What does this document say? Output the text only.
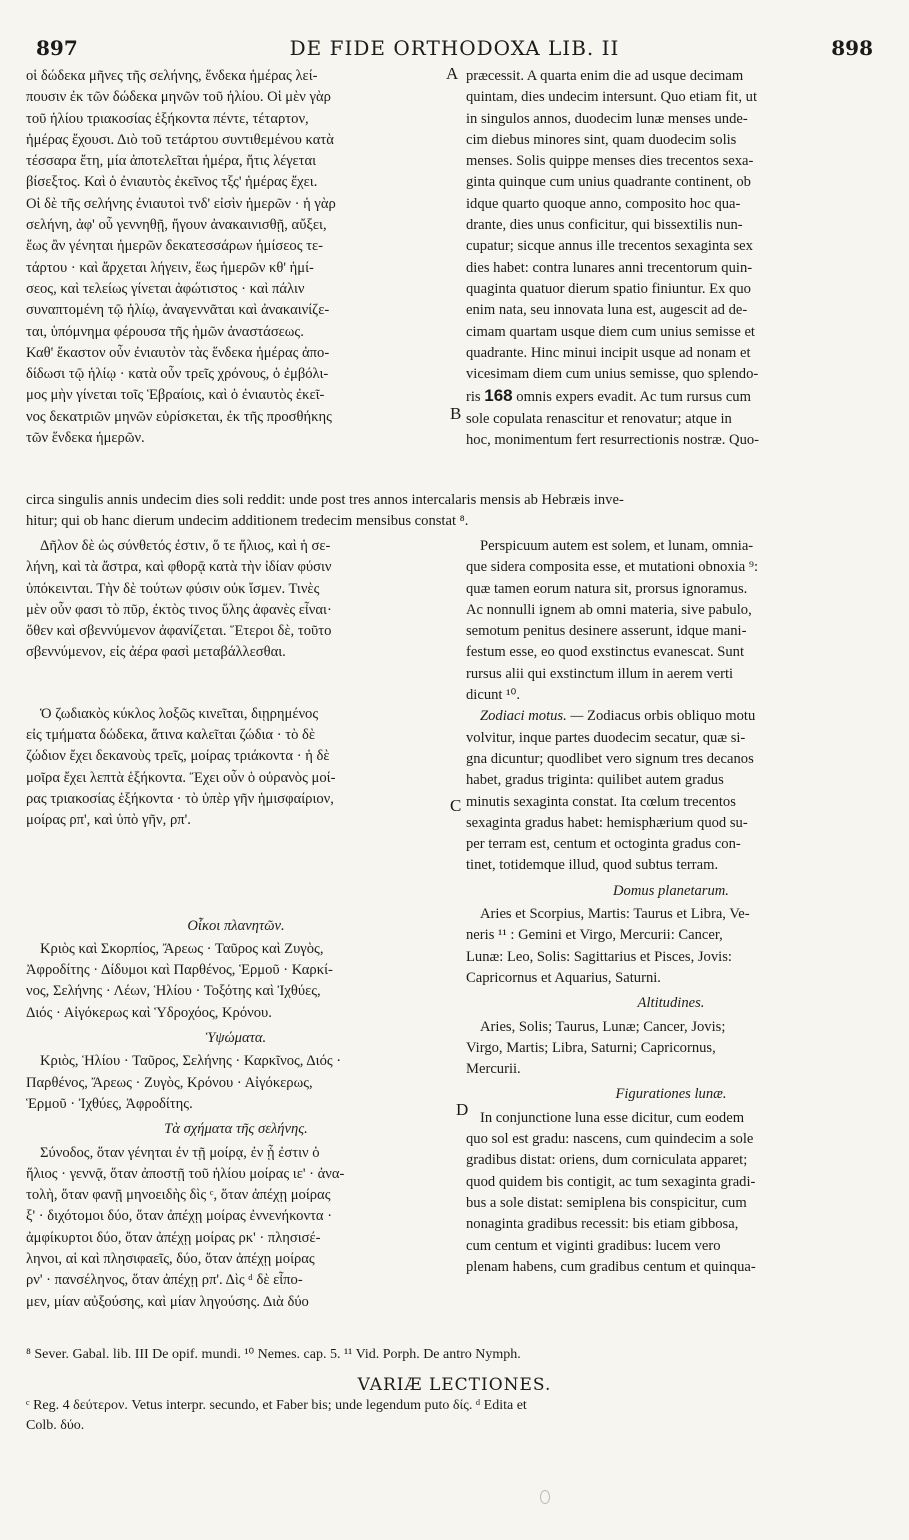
897	DE FIDE ORTHODOXA LIB. II	898
A
B
C
D

οἱ δώδεκα μῆνες τῆς σελήνης, ἕνδεκα ἡμέρας λεί-
πουσιν ἐκ τῶν δώδεκα μηνῶν τοῦ ἡλίου. Οἱ μὲν γὰρ
τοῦ ἡλίου τριακοσίας ἑξήκοντα πέντε, τέταρτον,
ἡμέρας ἔχουσι. Διὸ τοῦ τετάρτου συντιθεμένου κατὰ
τέσσαρα ἔτη, μία ἀποτελεῖται ἡμέρα, ἥτις λέγεται
βίσεξτος. Καὶ ὁ ἐνιαυτὸς ἐκεῖνος τξς' ἡμέρας ἔχει.
Οἱ δὲ τῆς σελήνης ἐνιαυτοὶ τνδ' εἰσὶν ἡμερῶν · ἡ γὰρ
σελήνη, ἀφ' οὗ γεννηθῇ, ἤγουν ἀνακαινισθῇ, αὔξει,
ἕως ἂν γένηται ἡμερῶν δεκατεσσάρων ἡμίσεος τε-
τάρτου · καὶ ἄρχεται λήγειν, ἕως ἡμερῶν κθ' ἡμί-
σεος, καὶ τελείως γίνεται ἀφώτιστος · καὶ πάλιν
συναπτομένη τῷ ἡλίῳ, ἀναγεννᾶται καὶ ἀνακαινίζε-
ται, ὑπόμνημα φέρουσα τῆς ἡμῶν ἀναστάσεως.
Καθ' ἕκαστον οὖν ἐνιαυτὸν τὰς ἕνδεκα ἡμέρας ἀπο-
δίδωσι τῷ ἡλίῳ · κατὰ οὖν τρεῖς χρόνους, ὁ ἐμβόλι-
μος μὴν γίνεται τοῖς Ἑβραίοις, καὶ ὁ ἐνιαυτὸς ἐκεῖ-
νος δεκατριῶν μηνῶν εὑρίσκεται, ἐκ τῆς προσθήκης
τῶν ἕνδεκα ἡμερῶν.

præcessit. A quarta enim die ad usque decimam
quintam, dies undecim intersunt. Quo etiam fit, ut
in singulos annos, duodecim lunæ menses unde-
cim diebus minores sint, quam duodecim solis
menses. Solis quippe menses dies trecentos sexa-
ginta quinque cum unius quadrante continent, ob
idque quarto quoque anno, composito hoc qua-
drante, dies unus conficitur, qui bissextilis nun-
cupatur; sicque annus ille trecentos sexaginta sex
dies habet: contra lunares anni trecentorum quin-
quaginta quatuor dierum spatio finiuntur. Ex quo
enim nata, seu innovata luna est, augescit ad de-
cimam quartam usque diem cum unius semisse et
quadrante. Hinc minui incipit usque ad nonam et
vicesimam diem cum unius semisse, quo splendo-
ris 168 omnis expers evadit. Ac tum rursus cum
sole copulata renascitur et renovatur; atque in
hoc, monimentum fert resurrectionis nostræ. Quo-

circa singulis annis undecim dies soli reddit: unde post tres annos intercalaris mensis ab Hebræis inve-
hitur; qui ob hanc dierum undecim additionem tredecim mensibus constat ⁸.

Δῆλον δὲ ὡς σύνθετός ἐστιν, ὅ τε ἥλιος, καὶ ἡ σε-
λήνη, καὶ τὰ ἄστρα, καὶ φθορᾷ κατὰ τὴν ἰδίαν φύσιν
ὑπόκεινται. Τὴν δὲ τούτων φύσιν οὐκ ἴσμεν. Τινὲς
μὲν οὖν φασι τὸ πῦρ, ἐκτὸς τινος ὕλης ἀφανὲς εἶναι·
ὅθεν καὶ σβεννύμενον ἀφανίζεται. Ἕτεροι δὲ, τοῦτο
σβεννύμενον, εἰς ἀέρα φασὶ μεταβάλλεσθαι.

Ὁ ζωδιακὸς κύκλος λοξῶς κινεῖται, διῃρημένος
εἰς τμήματα δώδεκα, ἅτινα καλεῖται ζώδια · τὸ δὲ
ζώδιον ἔχει δεκανοὺς τρεῖς, μοίρας τριάκοντα · ἡ δὲ
μοῖρα ἔχει λεπτὰ ἑξήκοντα. Ἔχει οὖν ὁ οὐρανὸς μοί-
ρας τριακοσίας ἑξήκοντα · τὸ ὑπὲρ γῆν ἡμισφαίριον,
μοίρας ρπ', καὶ ὑπὸ γῆν, ρπ'.

Οἶκοι πλανητῶν.

Κριὸς καὶ Σκορπίος, Ἄρεως · Ταῦρος καὶ Ζυγὸς,
Ἀφροδίτης · Δίδυμοι καὶ Παρθένος, Ἑρμοῦ · Καρκί-
νος, Σελήνης · Λέων, Ἡλίου · Τοξότης καὶ Ἰχθύες,
Διός · Αἰγόκερως καὶ Ὑδροχόος, Κρόνου.

Ὑψώματα.

Κριὸς, Ἡλίου · Ταῦρος, Σελήνης · Καρκῖνος, Διός ·
Παρθένος, Ἄρεως · Ζυγὸς, Κρόνου · Αἰγόκερως,
Ἑρμοῦ · Ἰχθύες, Ἀφροδίτης.

Τὰ σχήματα τῆς σελήνης.

Σύνοδος, ὅταν γένηται ἐν τῇ μοίρᾳ, ἐν ᾗ ἐστιν ὁ
ἥλιος · γεννᾷ, ὅταν ἀποστῇ τοῦ ἡλίου μοίρας ιε' · ἀνα-
τολὴ, ὅταν φανῇ μηνοειδὴς δὶς ᶜ, ὅταν ἀπέχῃ μοίρας
ξ' · διχότομοι δύο, ὅταν ἀπέχῃ μοίρας ἐννενήκοντα ·
ἀμφίκυρτοι δύο, ὅταν ἀπέχῃ μοίρας ρκ' · πλησισέ-
ληνοι, αἱ καὶ πλησιφαεῖς, δύο, ὅταν ἀπέχῃ μοίρας
ρν' · πανσέληνος, ὅταν ἀπέχῃ ρπ'. Δὶς ᵈ δὲ εἶπο-
μεν, μίαν αὐξούσης, καὶ μίαν ληγούσης. Διὰ δύο

Perspicuum autem est solem, et lunam, omnia-
que sidera composita esse, et mutationi obnoxia ⁹:
quæ tamen eorum natura sit, prorsus ignoramus.
Ac nonnulli ignem ab omni materia, sive pabulo,
semotum penitus desinere asserunt, idque mani-
festum esse, eo quod exstinctus evanescat. Sunt
rursus alii qui exstinctum illum in aerem verti
dicunt ¹⁰.

Zodiaci motus. — Zodiacus orbis obliquo motu
volvitur, inque partes duodecim secatur, quæ si-
gna dicuntur; quodlibet vero signum tres decanos
habet, gradus triginta: quilibet autem gradus
minutis sexaginta constat. Ita cœlum trecentos
sexaginta gradus habet: hemisphærium quod su-
per terram est, centum et octoginta gradus con-
tinet, totidemque illud, quod subtus terram.

Domus planetarum.

Aries et Scorpius, Martis: Taurus et Libra, Ve-
neris ¹¹ : Gemini et Virgo, Mercurii: Cancer,
Lunæ: Leo, Solis: Sagittarius et Pisces, Jovis:
Capricornus et Aquarius, Saturni.

Altitudines.

Aries, Solis; Taurus, Lunæ; Cancer, Jovis;
Virgo, Martis; Libra, Saturni; Capricornus,
Mercurii.

Figurationes lunæ.

In conjunctione luna esse dicitur, cum eodem
quo sol est gradu: nascens, cum quindecim a sole
gradibus distat: oriens, dum corniculata apparet;
quod quidem bis contigit, ac tum sexaginta gradi-
bus a sole distat: semiplena bis conspicitur, cum
nonaginta gradibus recessit: bis etiam gibbosa,
cum centum et viginti gradibus: lucem vero
plenam habens, cum gradibus centum et quinqua-

⁸ Sever. Gabal. lib. III De opif. mundi. ¹⁰ Nemes. cap. 5. ¹¹ Vid. Porph. De antro Nymph.

VARIÆ LECTIONES.

ᶜ Reg. 4 δεύτερον. Vetus interpr. secundo, et Faber bis; unde legendum puto δίς. ᵈ Edita et
Colb. δύο.
